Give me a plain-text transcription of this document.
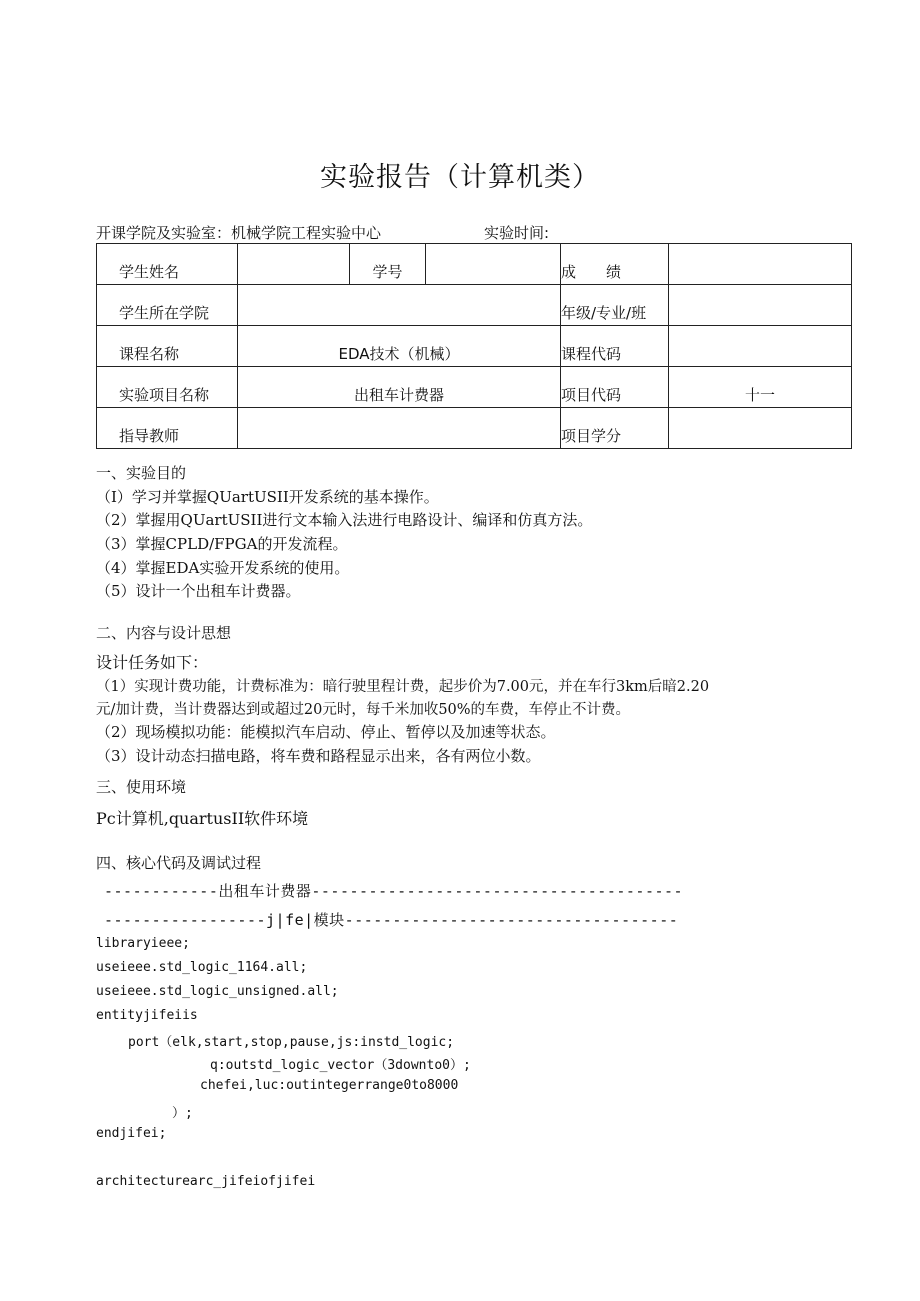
实验报告（计算机类）
开课学院及实验室：机械学院工程实验中心	实验时间:
学生姓名		学号		成　　绩	
学生所在学院				年级/专业/班	
课程名称	EDA技术（机械）			课程代码	
实验项目名称	出租车计费器			项目代码	十一
指导教师				项目学分	
一、实验目的
（I）学习并掌握QUartUSII开发系统的基本操作。
（2）掌握用QUartUSII进行文本输入法进行电路设计、编译和仿真方法。
（3）掌握CPLD/FPGA的开发流程。
（4）掌握EDA实验开发系统的使用。
（5）设计一个出租车计费器。
二、内容与设计思想
设计任务如下：
（1）实现计费功能，计费标准为：暗行驶里程计费，起步价为7.00元，并在车行3km后暗2.20
元/加计费，当计费器达到或超过20元时，每千米加收50%的车费，车停止不计费。
（2）现场模拟功能：能模拟汽车启动、停止、暂停以及加速等状态。
（3）设计动态扫描电路，将车费和路程显示出来，各有两位小数。
三、使用环境
Pc计算机,quartusII软件环境
四、核心代码及调试过程
------------出租车计费器---------------------------------------
-----------------j|fe|模块-----------------------------------
libraryieee;
useieee.std_logic_1164.all;
useieee.std_logic_unsigned.all;
entityjifeiis
port（elk,start,stop,pause,js:instd_logic;
q:outstd_logic_vector（3downto0）;
chefei,luc:outintegerrange0to8000
）;
endjifei;
architecturearc_jifeiofjifei
